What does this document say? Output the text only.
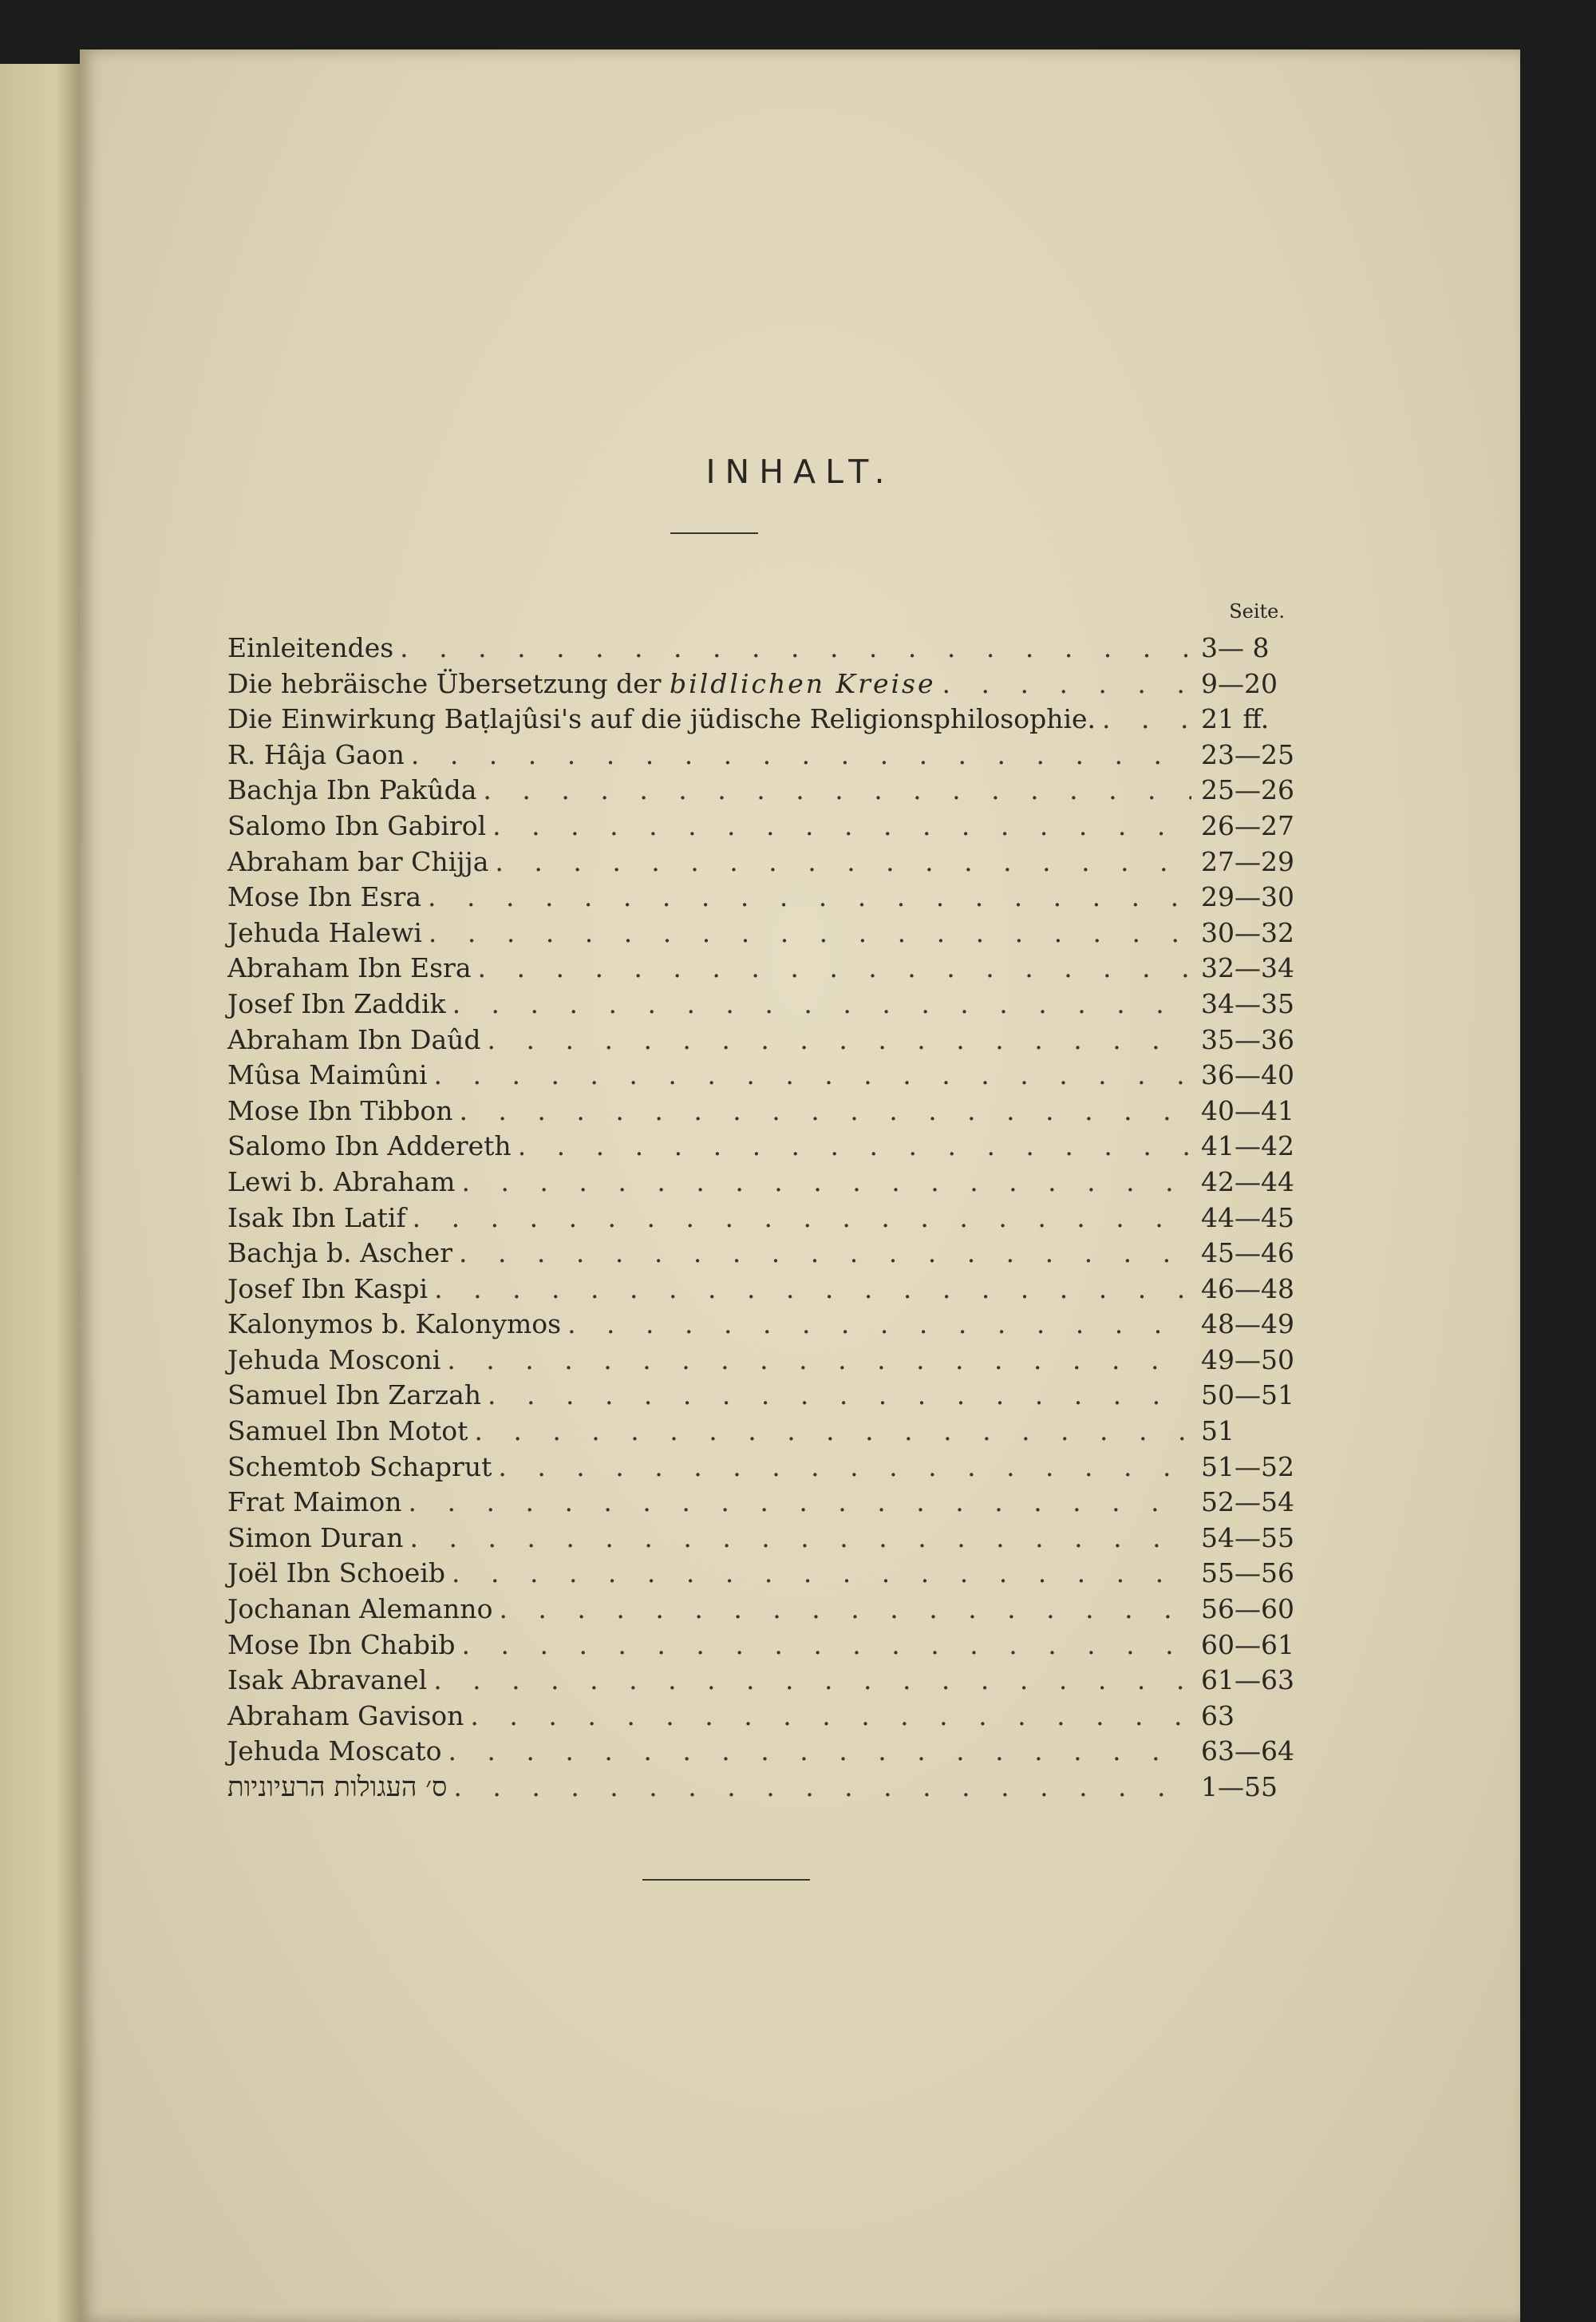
INHALT.
Seite.
Einleitendes . . .	3— 8
Die hebräische Übersetzung der bildlichen Kreise . . .	9—20
Die Einwirkung Baṭlajûsi's auf die jüdische Religionsphilosophie. . . .	21 ff.
R. Hâja Gaon . . .	23—25
Bachja Ibn Pakûda . . .	25—26
Salomo Ibn Gabirol . . .	26—27
Abraham bar Chijja . . .	27—29
Mose Ibn Esra . . .	29—30
Jehuda Halewi . . .	30—32
Abraham Ibn Esra . . .	32—34
Josef Ibn Zaddik . . .	34—35
Abraham Ibn Daûd . . .	35—36
Mûsa Maimûni . . .	36—40
Mose Ibn Tibbon . . .	40—41
Salomo Ibn Addereth . . .	41—42
Lewi b. Abraham . . .	42—44
Isak Ibn Latif . . .	44—45
Bachja b. Ascher . . .	45—46
Josef Ibn Kaspi . . .	46—48
Kalonymos b. Kalonymos . . .	48—49
Jehuda Mosconi . . .	49—50
Samuel Ibn Zarzah . . .	50—51
Samuel Ibn Motot . . .	51
Schemtob Schaprut . . .	51—52
Frat Maimon . . .	52—54
Simon Duran . . .	54—55
Joël Ibn Schoeib . . .	55—56
Jochanan Alemanno . . .	56—60
Mose Ibn Chabib . . .	60—61
Isak Abravanel . . .	61—63
Abraham Gavison . . .	63
Jehuda Moscato . . .	63—64
ס׳ העגולות הרעיוניות . . .	1—55
